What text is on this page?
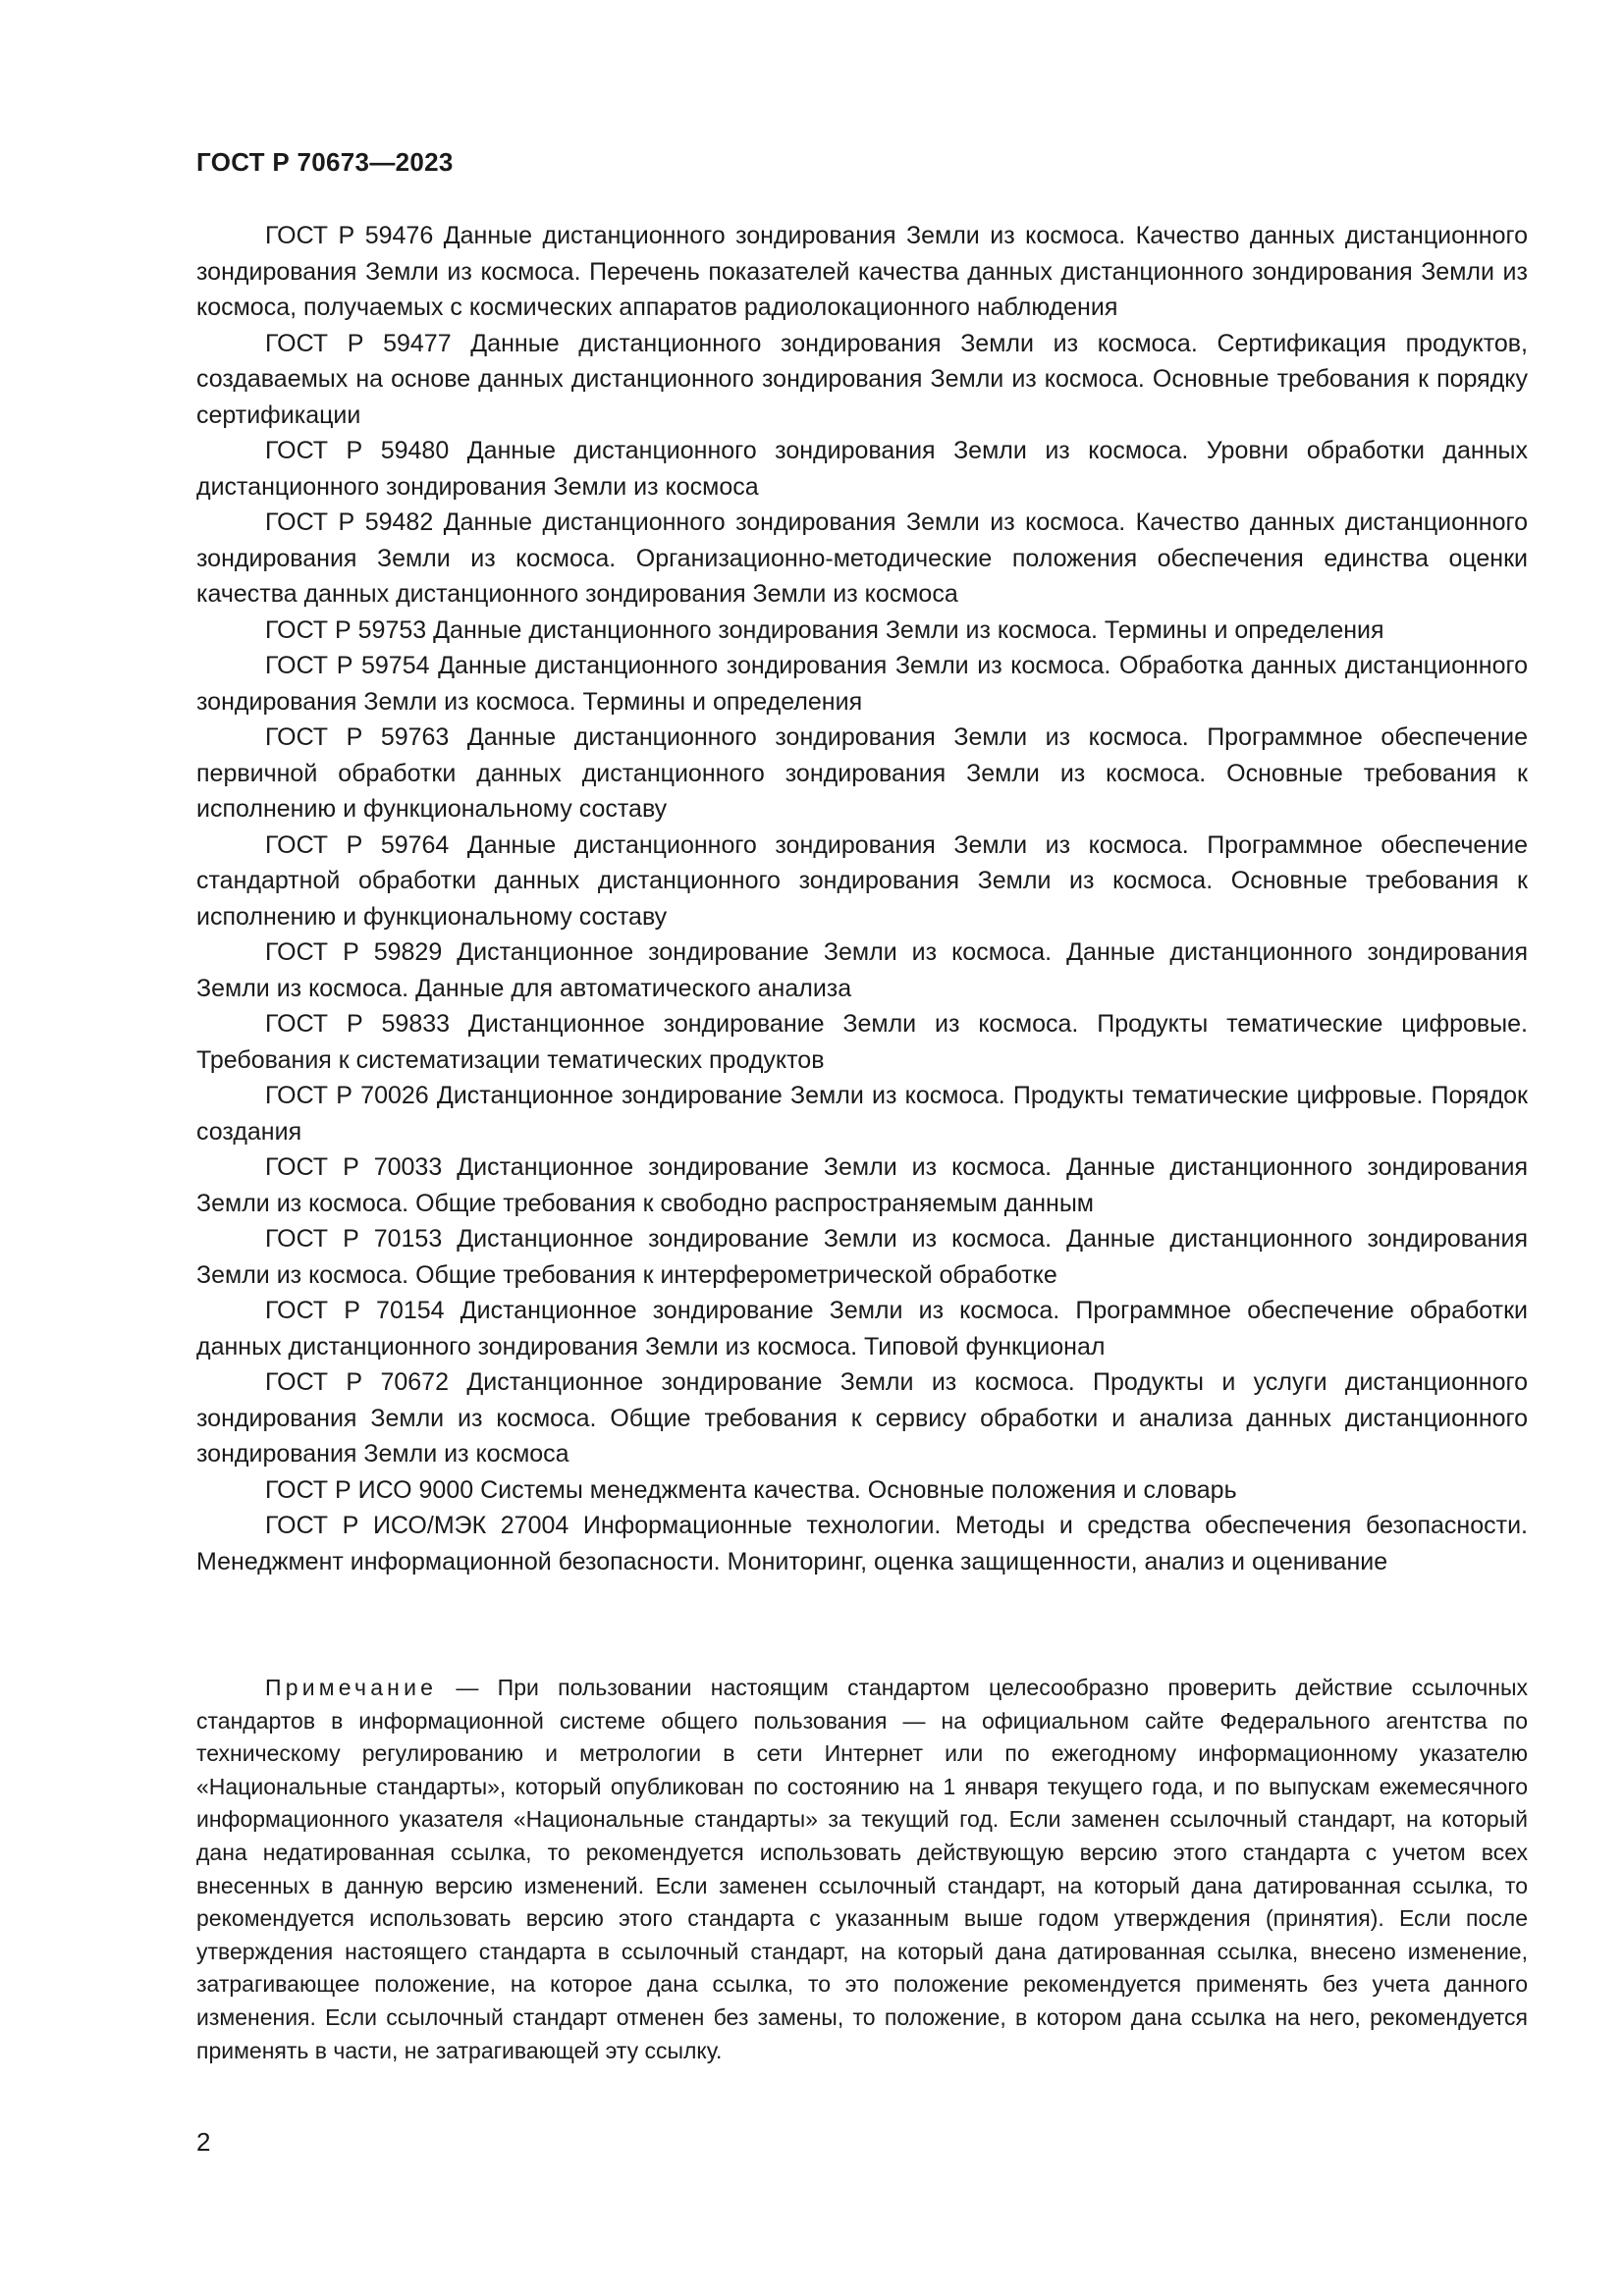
ГОСТ Р 70673—2023

ГОСТ Р 59476 Данные дистанционного зондирования Земли из космоса. Качество данных дистанционного зондирования Земли из космоса. Перечень показателей качества данных дистанционного зондирования Земли из космоса, получаемых с космических аппаратов радиолокационного наблюдения

ГОСТ Р 59477 Данные дистанционного зондирования Земли из космоса. Сертификация продуктов, создаваемых на основе данных дистанционного зондирования Земли из космоса. Основные требования к порядку сертификации

ГОСТ Р 59480 Данные дистанционного зондирования Земли из космоса. Уровни обработки данных дистанционного зондирования Земли из космоса

ГОСТ Р 59482 Данные дистанционного зондирования Земли из космоса. Качество данных дистанционного зондирования Земли из космоса. Организационно-методические положения обеспечения единства оценки качества данных дистанционного зондирования Земли из космоса

ГОСТ Р 59753 Данные дистанционного зондирования Земли из космоса. Термины и определения

ГОСТ Р 59754 Данные дистанционного зондирования Земли из космоса. Обработка данных дистанционного зондирования Земли из космоса. Термины и определения

ГОСТ Р 59763 Данные дистанционного зондирования Земли из космоса. Программное обеспечение первичной обработки данных дистанционного зондирования Земли из космоса. Основные требования к исполнению и функциональному составу

ГОСТ Р 59764 Данные дистанционного зондирования Земли из космоса. Программное обеспечение стандартной обработки данных дистанционного зондирования Земли из космоса. Основные требования к исполнению и функциональному составу

ГОСТ Р 59829 Дистанционное зондирование Земли из космоса. Данные дистанционного зондирования Земли из космоса. Данные для автоматического анализа

ГОСТ Р 59833 Дистанционное зондирование Земли из космоса. Продукты тематические цифровые. Требования к систематизации тематических продуктов

ГОСТ Р 70026 Дистанционное зондирование Земли из космоса. Продукты тематические цифровые. Порядок создания

ГОСТ Р 70033 Дистанционное зондирование Земли из космоса. Данные дистанционного зондирования Земли из космоса. Общие требования к свободно распространяемым данным

ГОСТ Р 70153 Дистанционное зондирование Земли из космоса. Данные дистанционного зондирования Земли из космоса. Общие требования к интерферометрической обработке

ГОСТ Р 70154 Дистанционное зондирование Земли из космоса. Программное обеспечение обработки данных дистанционного зондирования Земли из космоса. Типовой функционал

ГОСТ Р 70672 Дистанционное зондирование Земли из космоса. Продукты и услуги дистанционного зондирования Земли из космоса. Общие требования к сервису обработки и анализа данных дистанционного зондирования Земли из космоса

ГОСТ Р ИСО 9000 Системы менеджмента качества. Основные положения и словарь

ГОСТ Р ИСО/МЭК 27004 Информационные технологии. Методы и средства обеспечения безопасности. Менеджмент информационной безопасности. Мониторинг, оценка защищенности, анализ и оценивание

Примечание — При пользовании настоящим стандартом целесообразно проверить действие ссылочных стандартов в информационной системе общего пользования — на официальном сайте Федерального агентства по техническому регулированию и метрологии в сети Интернет или по ежегодному информационному указателю «Национальные стандарты», который опубликован по состоянию на 1 января текущего года, и по выпускам ежемесячного информационного указателя «Национальные стандарты» за текущий год. Если заменен ссылочный стандарт, на который дана недатированная ссылка, то рекомендуется использовать действующую версию этого стандарта с учетом всех внесенных в данную версию изменений. Если заменен ссылочный стандарт, на который дана датированная ссылка, то рекомендуется использовать версию этого стандарта с указанным выше годом утверждения (принятия). Если после утверждения настоящего стандарта в ссылочный стандарт, на который дана датированная ссылка, внесено изменение, затрагивающее положение, на которое дана ссылка, то это положение рекомендуется применять без учета данного изменения. Если ссылочный стандарт отменен без замены, то положение, в котором дана ссылка на него, рекомендуется применять в части, не затрагивающей эту ссылку.

2
